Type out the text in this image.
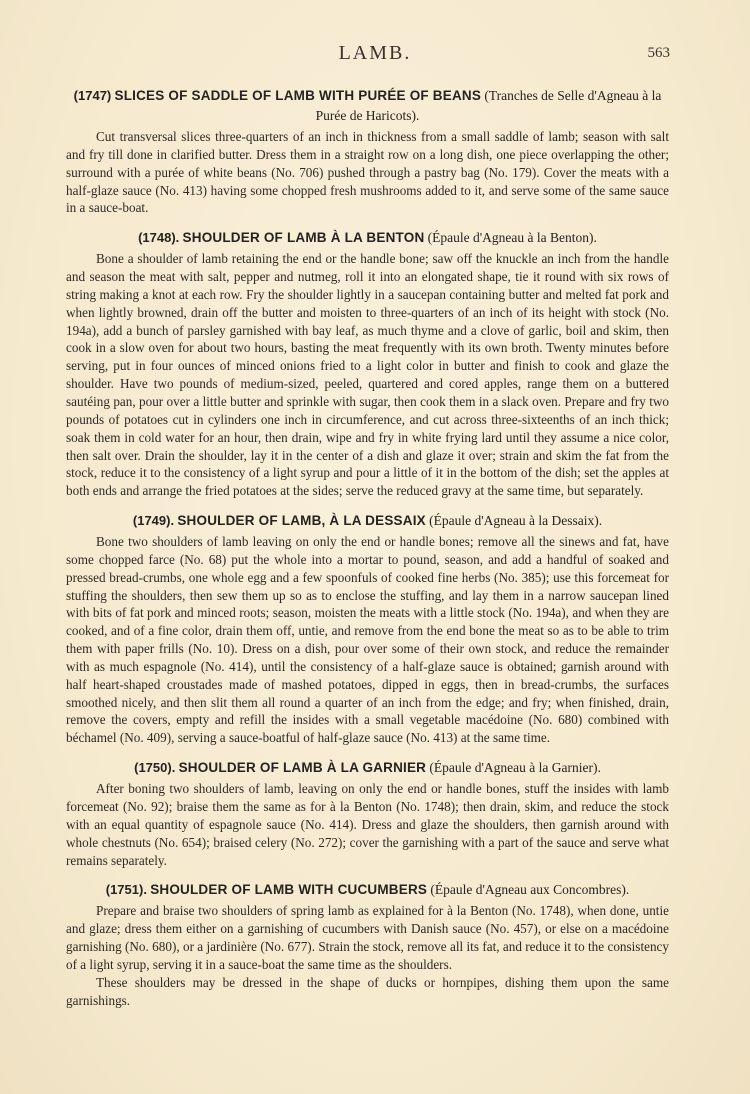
LAMB.	563
(1747) SLICES OF SADDLE OF LAMB WITH PURÉE OF BEANS (Tranches de Selle d'Agneau à la Purée de Haricots).

Cut transversal slices three-quarters of an inch in thickness from a small saddle of lamb; season with salt and fry till done in clarified butter. Dress them in a straight row on a long dish, one piece overlapping the other; surround with a purée of white beans (No. 706) pushed through a pastry bag (No. 179). Cover the meats with a half-glaze sauce (No. 413) having some chopped fresh mushrooms added to it, and serve some of the same sauce in a sauce-boat.

(1748). SHOULDER OF LAMB À LA BENTON (Épaule d'Agneau à la Benton).

Bone a shoulder of lamb retaining the end or the handle bone; saw off the knuckle an inch from the handle and season the meat with salt, pepper and nutmeg, roll it into an elongated shape, tie it round with six rows of string making a knot at each row. Fry the shoulder lightly in a saucepan containing butter and melted fat pork and when lightly browned, drain off the butter and moisten to three-quarters of an inch of its height with stock (No. 194a), add a bunch of parsley garnished with bay leaf, as much thyme and a clove of garlic, boil and skim, then cook in a slow oven for about two hours, basting the meat frequently with its own broth. Twenty minutes before serving, put in four ounces of minced onions fried to a light color in butter and finish to cook and glaze the shoulder. Have two pounds of medium-sized, peeled, quartered and cored apples, range them on a buttered sautéing pan, pour over a little butter and sprinkle with sugar, then cook them in a slack oven. Prepare and fry two pounds of potatoes cut in cylinders one inch in circumference, and cut across three-sixteenths of an inch thick; soak them in cold water for an hour, then drain, wipe and fry in white frying lard until they assume a nice color, then salt over. Drain the shoulder, lay it in the center of a dish and glaze it over; strain and skim the fat from the stock, reduce it to the consistency of a light syrup and pour a little of it in the bottom of the dish; set the apples at both ends and arrange the fried potatoes at the sides; serve the reduced gravy at the same time, but separately.

(1749). SHOULDER OF LAMB, À LA DESSAIX (Épaule d'Agneau à la Dessaix).

Bone two shoulders of lamb leaving on only the end or handle bones; remove all the sinews and fat, have some chopped farce (No. 68) put the whole into a mortar to pound, season, and add a handful of soaked and pressed bread-crumbs, one whole egg and a few spoonfuls of cooked fine herbs (No. 385); use this forcemeat for stuffing the shoulders, then sew them up so as to enclose the stuffing, and lay them in a narrow saucepan lined with bits of fat pork and minced roots; season, moisten the meats with a little stock (No. 194a), and when they are cooked, and of a fine color, drain them off, untie, and remove from the end bone the meat so as to be able to trim them with paper frills (No. 10). Dress on a dish, pour over some of their own stock, and reduce the remainder with as much espagnole (No. 414), until the consistency of a half-glaze sauce is obtained; garnish around with half heart-shaped croustades made of mashed potatoes, dipped in eggs, then in bread-crumbs, the surfaces smoothed nicely, and then slit them all round a quarter of an inch from the edge; and fry; when finished, drain, remove the covers, empty and refill the insides with a small vegetable macédoine (No. 680) combined with béchamel (No. 409), serving a sauce-boatful of half-glaze sauce (No. 413) at the same time.

(1750). SHOULDER OF LAMB À LA GARNIER (Épaule d'Agneau à la Garnier).

After boning two shoulders of lamb, leaving on only the end or handle bones, stuff the insides with lamb forcemeat (No. 92); braise them the same as for à la Benton (No. 1748); then drain, skim, and reduce the stock with an equal quantity of espagnole sauce (No. 414). Dress and glaze the shoulders, then garnish around with whole chestnuts (No. 654); braised celery (No. 272); cover the garnishing with a part of the sauce and serve what remains separately.

(1751). SHOULDER OF LAMB WITH CUCUMBERS (Épaule d'Agneau aux Concombres).

Prepare and braise two shoulders of spring lamb as explained for à la Benton (No. 1748), when done, untie and glaze; dress them either on a garnishing of cucumbers with Danish sauce (No. 457), or else on a macédoine garnishing (No. 680), or a jardinière (No. 677). Strain the stock, remove all its fat, and reduce it to the consistency of a light syrup, serving it in a sauce-boat the same time as the shoulders.

These shoulders may be dressed in the shape of ducks or hornpipes, dishing them upon the same garnishings.
